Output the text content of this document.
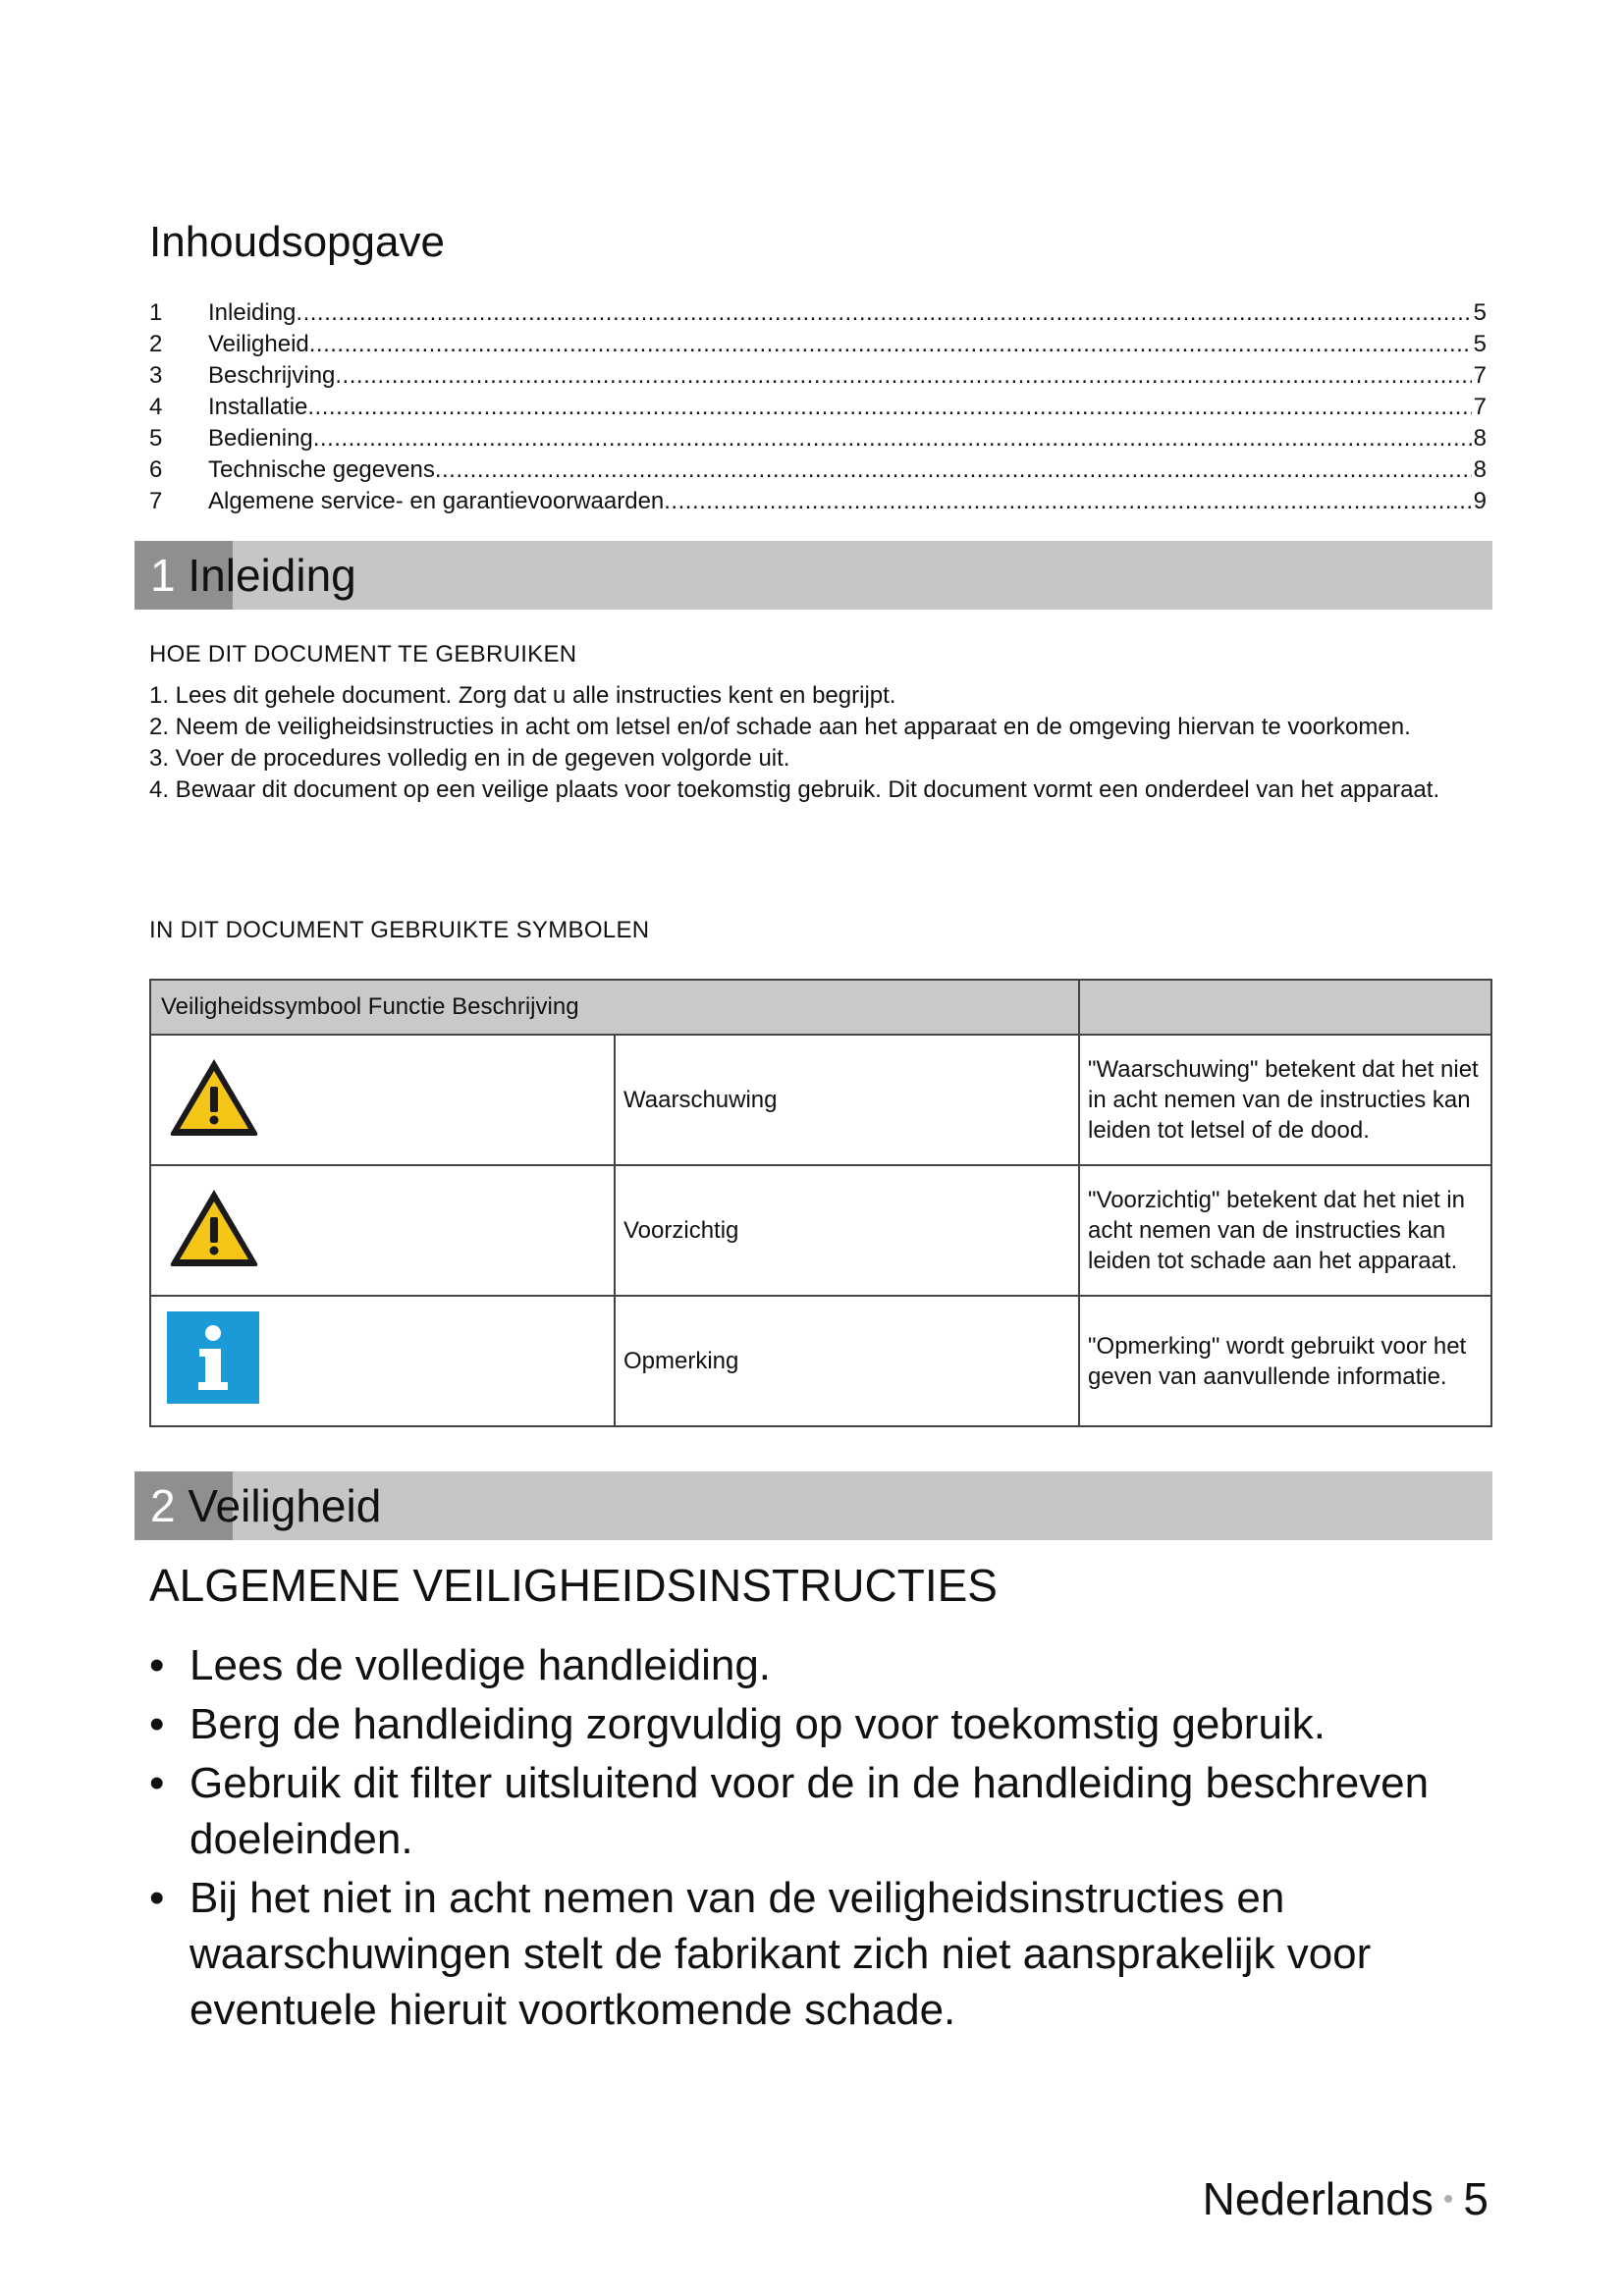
Inhoudsopgave
1	Inleiding .....	5
2	Veiligheid .....	5
3	Beschrijving .....	7
4	Installatie .....	7
5	Bediening .....	8
6	Technische gegevens .....	8
7	Algemene service- en garantievoorwaarden .....	9
1 Inleiding
HOE DIT DOCUMENT TE GEBRUIKEN
1. Lees dit gehele document. Zorg dat u alle instructies kent en begrijpt.
2. Neem de veiligheidsinstructies in acht om letsel en/of schade aan het apparaat en de omgeving hiervan te voorkomen.
3. Voer de procedures volledig en in de gegeven volgorde uit.
4. Bewaar dit document op een veilige plaats voor toekomstig gebruik. Dit document vormt een onderdeel van het apparaat.
IN DIT DOCUMENT GEBRUIKTE SYMBOLEN
Veiligheidssymbool Functie Beschrijving		
	Waarschuwing	"Waarschuwing" betekent dat het niet in acht nemen van de instructies kan leiden tot letsel of de dood.
	Voorzichtig	"Voorzichtig" betekent dat het niet in acht nemen van de instructies kan leiden tot schade aan het apparaat.
	Opmerking	"Opmerking" wordt gebruikt voor het geven van aanvullende informatie.
2 Veiligheid
ALGEMENE VEILIGHEIDSINSTRUCTIES
• Lees de volledige handleiding.
• Berg de handleiding zorgvuldig op voor toekomstig gebruik.
• Gebruik dit filter uitsluitend voor de in de handleiding beschreven doeleinden.
• Bij het niet in acht nemen van de veiligheidsinstructies en waarschuwingen stelt de fabrikant zich niet aansprakelijk voor eventuele hieruit voortkomende schade.
Nederlands • 5
